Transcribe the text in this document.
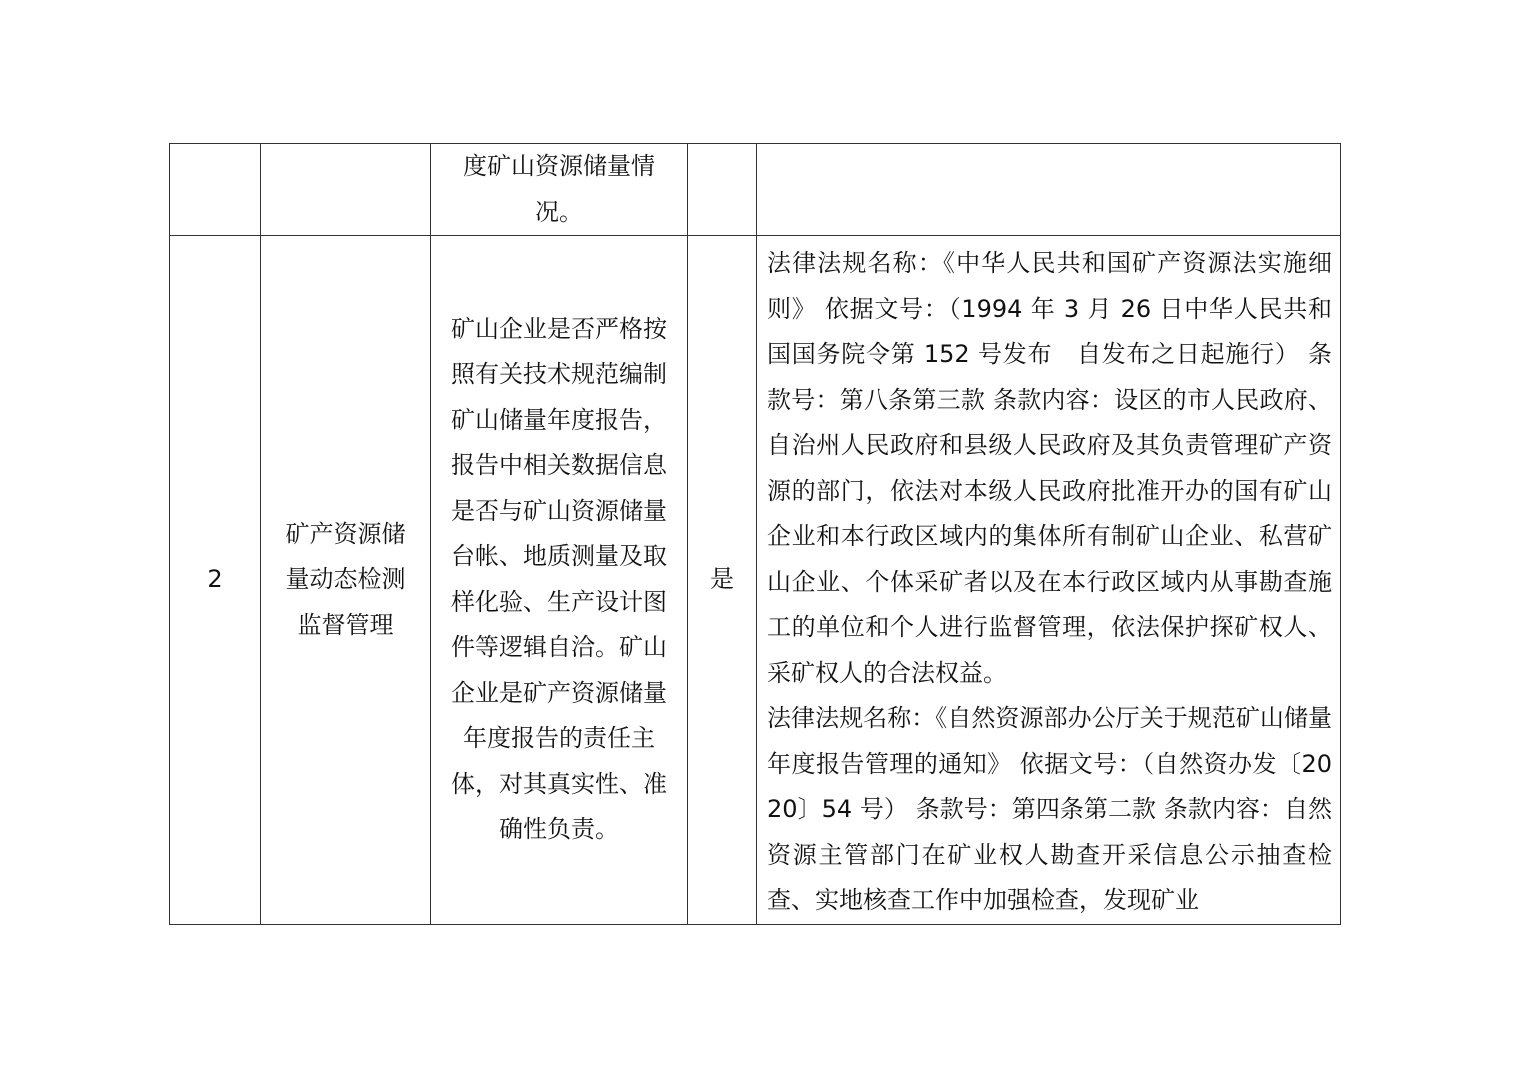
		度矿山资源储量情况。		

2	矿产资源储量动态检测监督管理	矿山企业是否严格按照有关技术规范编制矿山储量年度报告，报告中相关数据信息是否与矿山资源储量台帐、地质测量及取样化验、生产设计图件等逻辑自洽。矿山企业是矿产资源储量年度报告的责任主体，对其真实性、准确性负责。	是	法律法规名称：《中华人民共和国矿产资源法实施细则》 依据文号：（1994 年 3 月 26 日中华人民共和国国务院令第 152 号发布　自发布之日起施行） 条款号：第八条第三款 条款内容：设区的市人民政府、自治州人民政府和县级人民政府及其负责管理矿产资源的部门，依法对本级人民政府批准开办的国有矿山企业和本行政区域内的集体所有制矿山企业、私营矿山企业、个体采矿者以及在本行政区域内从事勘查施工的单位和个人进行监督管理，依法保护探矿权人、采矿权人的合法权益。
法律法规名称：《自然资源部办公厅关于规范矿山储量年度报告管理的通知》 依据文号：（自然资办发〔2020〕54 号） 条款号：第四条第二款 条款内容：自然资源主管部门在矿业权人勘查开采信息公示抽查检查、实地核查工作中加强检查，发现矿业
